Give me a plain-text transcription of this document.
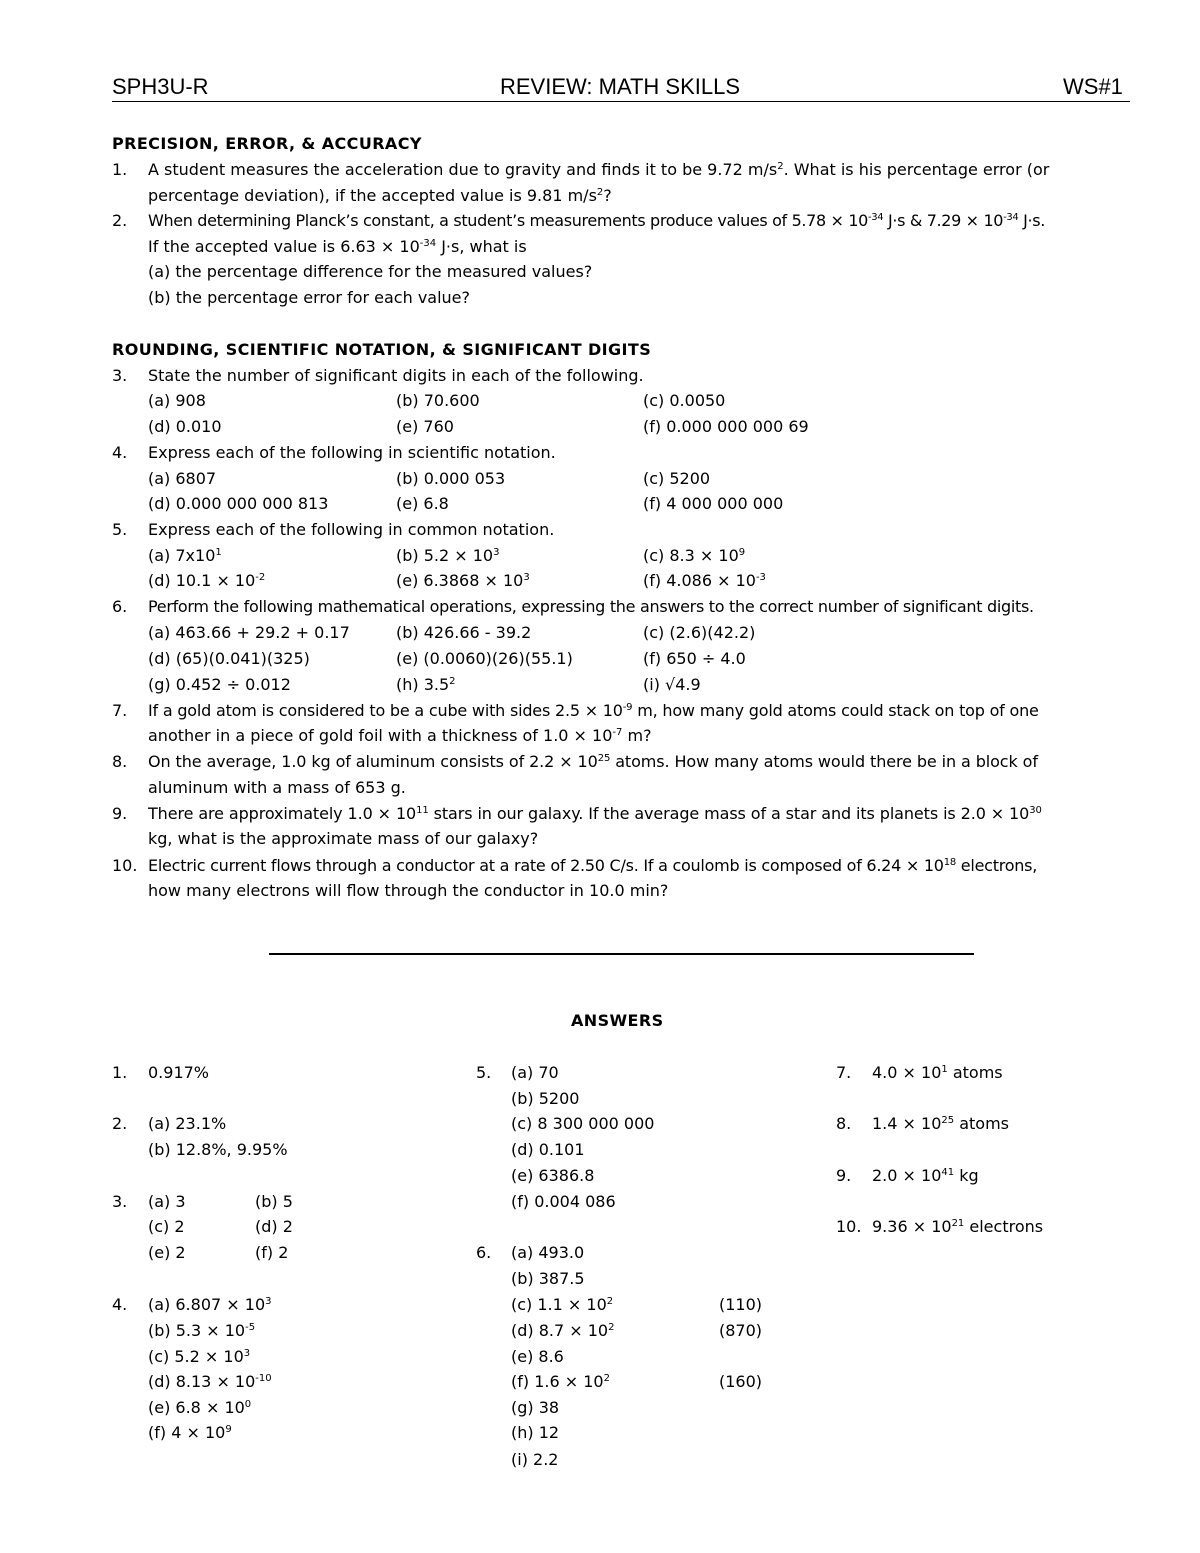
SPH3U-R	REVIEW: MATH SKILLS	WS#1
PRECISION, ERROR, & ACCURACY
1. A student measures the acceleration due to gravity and finds it to be 9.72 $m/s^2$. What is his percentage error (or
percentage deviation), if the accepted value is 9.81 $m/s^2$?
2. When determining Planck’s constant, a student’s measurements produce values of $5.78 \times 10^{-34}$ J·s & $7.29 \times 10^{-34}$ J·s.
If the accepted value is $6.63 \times 10^{-34}$ J·s, what is
(a) the percentage difference for the measured values?
(b) the percentage error for each value?
ROUNDING, SCIENTIFIC NOTATION, & SIGNIFICANT DIGITS
3. State the number of significant digits in each of the following.
(a) 908	(b) 70.600	(c) 0.0050
(d) 0.010	(e) 760	(f) 0.000 000 000 69
4. Express each of the following in scientific notation.
(a) 6807	(b) 0.000 053	(c) 5200
(d) 0.000 000 000 813	(e) 6.8	(f) 4 000 000 000
5. Express each of the following in common notation.
(a) $7x10^1$	(b) $5.2 \times 10^3$	(c) $8.3 \times 10^9$
(d) $10.1 \times 10^{-2}$	(e) $6.3868 \times 10^3$	(f) $4.086 \times 10^{-3}$
6. Perform the following mathematical operations, expressing the answers to the correct number of significant digits.
(a) 463.66 + 29.2 + 0.17	(b) 426.66 - 39.2	(c) (2.6)(42.2)
(d) (65)(0.041)(325)	(e) (0.0060)(26)(55.1)	(f) 650 ÷ 4.0
(g) 0.452 ÷ 0.012	(h) $3.5^2$	(i) √4.9
7. If a gold atom is considered to be a cube with sides $2.5 \times 10^{-9}$ m, how many gold atoms could stack on top of one
another in a piece of gold foil with a thickness of $1.0 \times 10^{-7}$ m?
8. On the average, 1.0 kg of aluminum consists of $2.2 \times 10^{25}$ atoms. How many atoms would there be in a block of
aluminum with a mass of 653 g.
9. There are approximately $1.0 \times 10^{11}$ stars in our galaxy. If the average mass of a star and its planets is $2.0 \times 10^{30}$
kg, what is the approximate mass of our galaxy?
10. Electric current flows through a conductor at a rate of 2.50 C/s. If a coulomb is composed of $6.24 \times 10^{18}$ electrons,
how many electrons will flow through the conductor in 10.0 min?
ANSWERS
1. 0.917%
2. (a) 23.1%
(b) 12.8%, 9.95%
3. (a) 3	(b) 5
(c) 2	(d) 2
(e) 2	(f) 2
4. (a) $6.807 \times 10^3$
(b) $5.3 \times 10^{-5}$
(c) $5.2 \times 10^3$
(d) $8.13 \times 10^{-10}$
(e) $6.8 \times 10^0$
(f) $4 \times 10^9$
5. (a) 70
(b) 5200
(c) 8 300 000 000
(d) 0.101
(e) 6386.8
(f) 0.004 086
6. (a) 493.0
(b) 387.5
(c) $1.1 \times 10^2$	(110)
(d) $8.7 \times 10^2$	(870)
(e) 8.6
(f) $1.6 \times 10^2$	(160)
(g) 38
(h) 12
(i) 2.2
7. $4.0 \times 10^1$ atoms
8. $1.4 \times 10^{25}$ atoms
9. $2.0 \times 10^{41}$ kg
10. $9.36 \times 10^{21}$ electrons
